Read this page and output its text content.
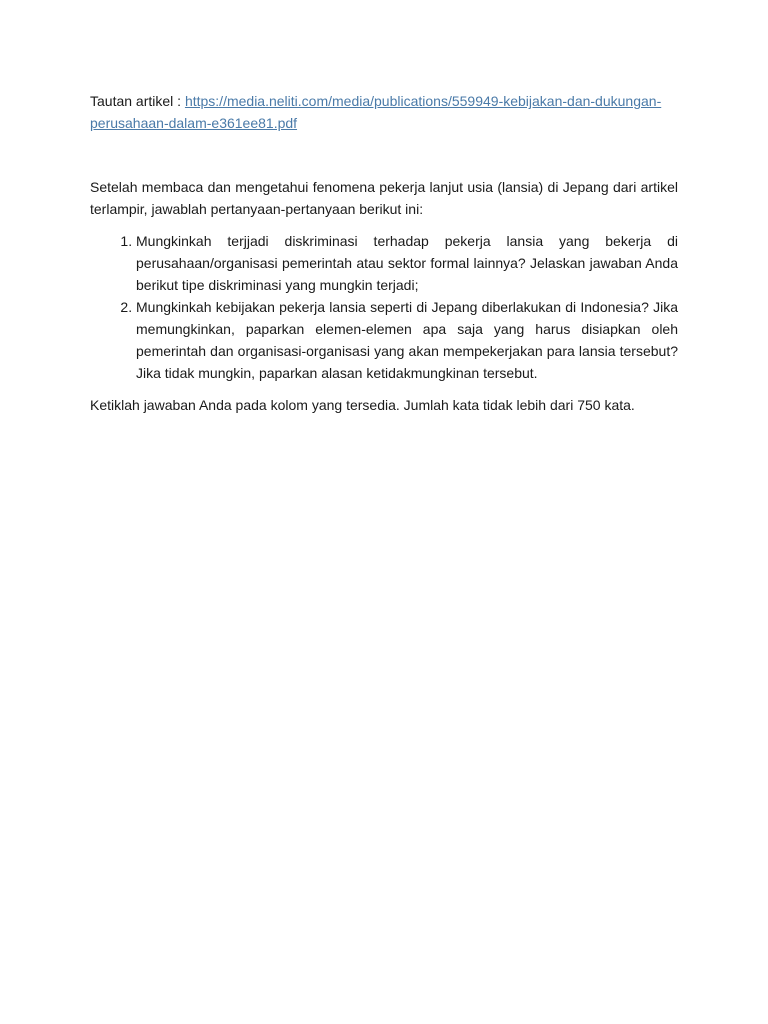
Tautan artikel : https://media.neliti.com/media/publications/559949-kebijakan-dan-dukungan-perusahaan-dalam-e361ee81.pdf

Setelah membaca dan mengetahui fenomena pekerja lanjut usia (lansia) di Jepang dari artikel terlampir, jawablah pertanyaan-pertanyaan berikut ini:

1. Mungkinkah terjjadi diskriminasi terhadap pekerja lansia yang bekerja di perusahaan/organisasi pemerintah atau sektor formal lainnya? Jelaskan jawaban Anda berikut tipe diskriminasi yang mungkin terjadi;
2. Mungkinkah kebijakan pekerja lansia seperti di Jepang diberlakukan di Indonesia? Jika memungkinkan, paparkan elemen-elemen apa saja yang harus disiapkan oleh pemerintah dan organisasi-organisasi yang akan mempekerjakan para lansia tersebut? Jika tidak mungkin, paparkan alasan ketidakmungkinan tersebut.

Ketiklah jawaban Anda pada kolom yang tersedia. Jumlah kata tidak lebih dari 750 kata.
